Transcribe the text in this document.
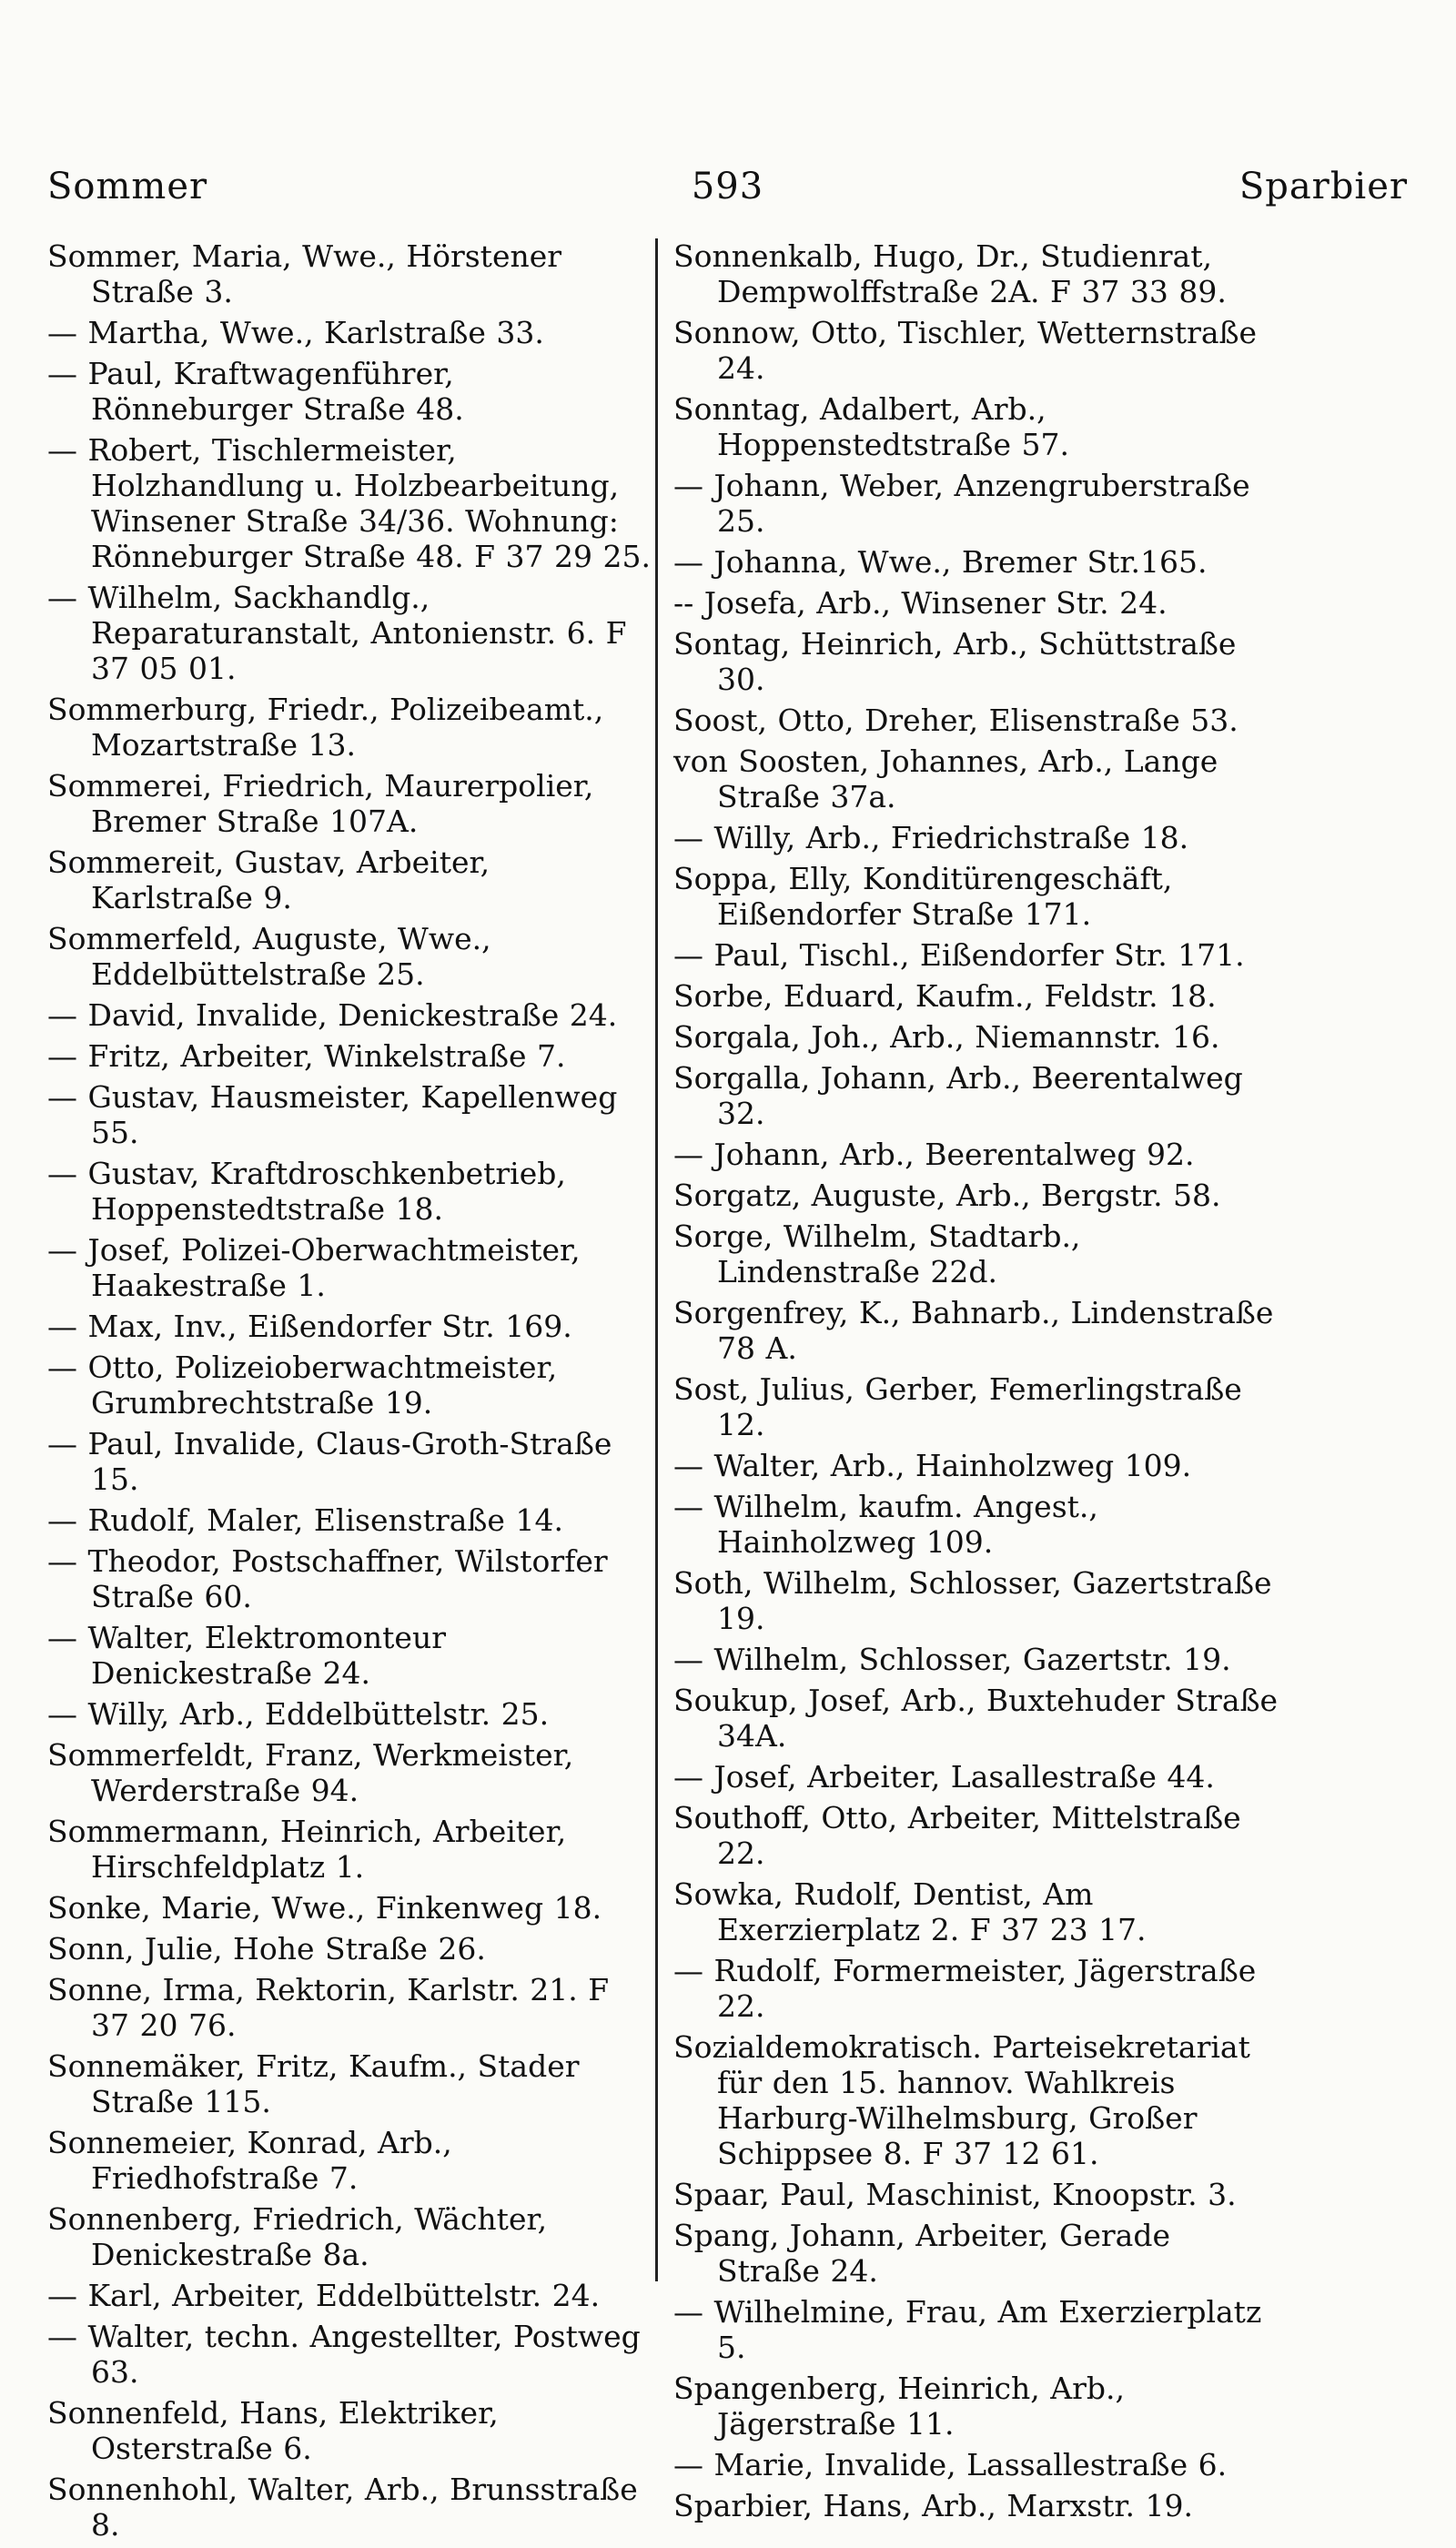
Sommer	593	Sparbier

Sommer, Maria, Wwe., Hörstener Straße 3.

— Martha, Wwe., Karlstraße 33.

— Paul, Kraftwagenführer, Rönneburger Straße 48.

— Robert, Tischlermeister, Holzhandlung u. Holzbearbeitung, Winsener Straße 34/36. Wohnung: Rönneburger Straße 48. F 37 29 25.

— Wilhelm, Sackhandlg., Reparaturanstalt, Antonienstr. 6. F 37 05 01.

Sommerburg, Friedr., Polizeibeamt., Mozartstraße 13.

Sommerei, Friedrich, Maurerpolier, Bremer Straße 107A.

Sommereit, Gustav, Arbeiter, Karlstraße 9.

Sommerfeld, Auguste, Wwe., Eddelbüttelstraße 25.

— David, Invalide, Denickestraße 24.

— Fritz, Arbeiter, Winkelstraße 7.

— Gustav, Hausmeister, Kapellenweg 55.

— Gustav, Kraftdroschkenbetrieb, Hoppenstedtstraße 18.

— Josef, Polizei-Oberwachtmeister, Haakestraße 1.

— Max, Inv., Eißendorfer Str. 169.

— Otto, Polizeioberwachtmeister, Grumbrechtstraße 19.

— Paul, Invalide, Claus-Groth-Straße 15.

— Rudolf, Maler, Elisenstraße 14.

— Theodor, Postschaffner, Wilstorfer Straße 60.

— Walter, Elektromonteur Denickestraße 24.

— Willy, Arb., Eddelbüttelstr. 25.

Sommerfeldt, Franz, Werkmeister, Werderstraße 94.

Sommermann, Heinrich, Arbeiter, Hirschfeldplatz 1.

Sonke, Marie, Wwe., Finkenweg 18.

Sonn, Julie, Hohe Straße 26.

Sonne, Irma, Rektorin, Karlstr. 21. F 37 20 76.

Sonnemäker, Fritz, Kaufm., Stader Straße 115.

Sonnemeier, Konrad, Arb., Friedhofstraße 7.

Sonnenberg, Friedrich, Wächter, Denickestraße 8a.

— Karl, Arbeiter, Eddelbüttelstr. 24.

— Walter, techn. Angestellter, Postweg 63.

Sonnenfeld, Hans, Elektriker, Osterstraße 6.

Sonnenhohl, Walter, Arb., Brunsstraße 8.

Sonnenkalb, Hugo, Dr., Studienrat, Dempwolffstraße 2A. F 37 33 89.

Sonnow, Otto, Tischler, Wetternstraße 24.

Sonntag, Adalbert, Arb., Hoppenstedtstraße 57.

— Johann, Weber, Anzengruberstraße 25.

— Johanna, Wwe., Bremer Str.165.

-- Josefa, Arb., Winsener Str. 24.

Sontag, Heinrich, Arb., Schüttstraße 30.

Soost, Otto, Dreher, Elisenstraße 53.

von Soosten, Johannes, Arb., Lange Straße 37a.

— Willy, Arb., Friedrichstraße 18.

Soppa, Elly, Konditürengeschäft, Eißendorfer Straße 171.

— Paul, Tischl., Eißendorfer Str. 171.

Sorbe, Eduard, Kaufm., Feldstr. 18.

Sorgala, Joh., Arb., Niemannstr. 16.

Sorgalla, Johann, Arb., Beerentalweg 32.

— Johann, Arb., Beerentalweg 92.

Sorgatz, Auguste, Arb., Bergstr. 58.

Sorge, Wilhelm, Stadtarb., Lindenstraße 22d.

Sorgenfrey, K., Bahnarb., Lindenstraße 78 A.

Sost, Julius, Gerber, Femerlingstraße 12.

— Walter, Arb., Hainholzweg 109.

— Wilhelm, kaufm. Angest., Hainholzweg 109.

Soth, Wilhelm, Schlosser, Gazertstraße 19.

— Wilhelm, Schlosser, Gazertstr. 19.

Soukup, Josef, Arb., Buxtehuder Straße 34A.

— Josef, Arbeiter, Lasallestraße 44.

Southoff, Otto, Arbeiter, Mittelstraße 22.

Sowka, Rudolf, Dentist, Am Exerzierplatz 2. F 37 23 17.

— Rudolf, Formermeister, Jägerstraße 22.

Sozialdemokratisch. Parteisekretariat für den 15. hannov. Wahlkreis Harburg-Wilhelmsburg, Großer Schippsee 8. F 37 12 61.

Spaar, Paul, Maschinist, Knoopstr. 3.

Spang, Johann, Arbeiter, Gerade Straße 24.

— Wilhelmine, Frau, Am Exerzierplatz 5.

Spangenberg, Heinrich, Arb., Jägerstraße 11.

— Marie, Invalide, Lassallestraße 6.

Sparbier, Hans, Arb., Marxstr. 19.
